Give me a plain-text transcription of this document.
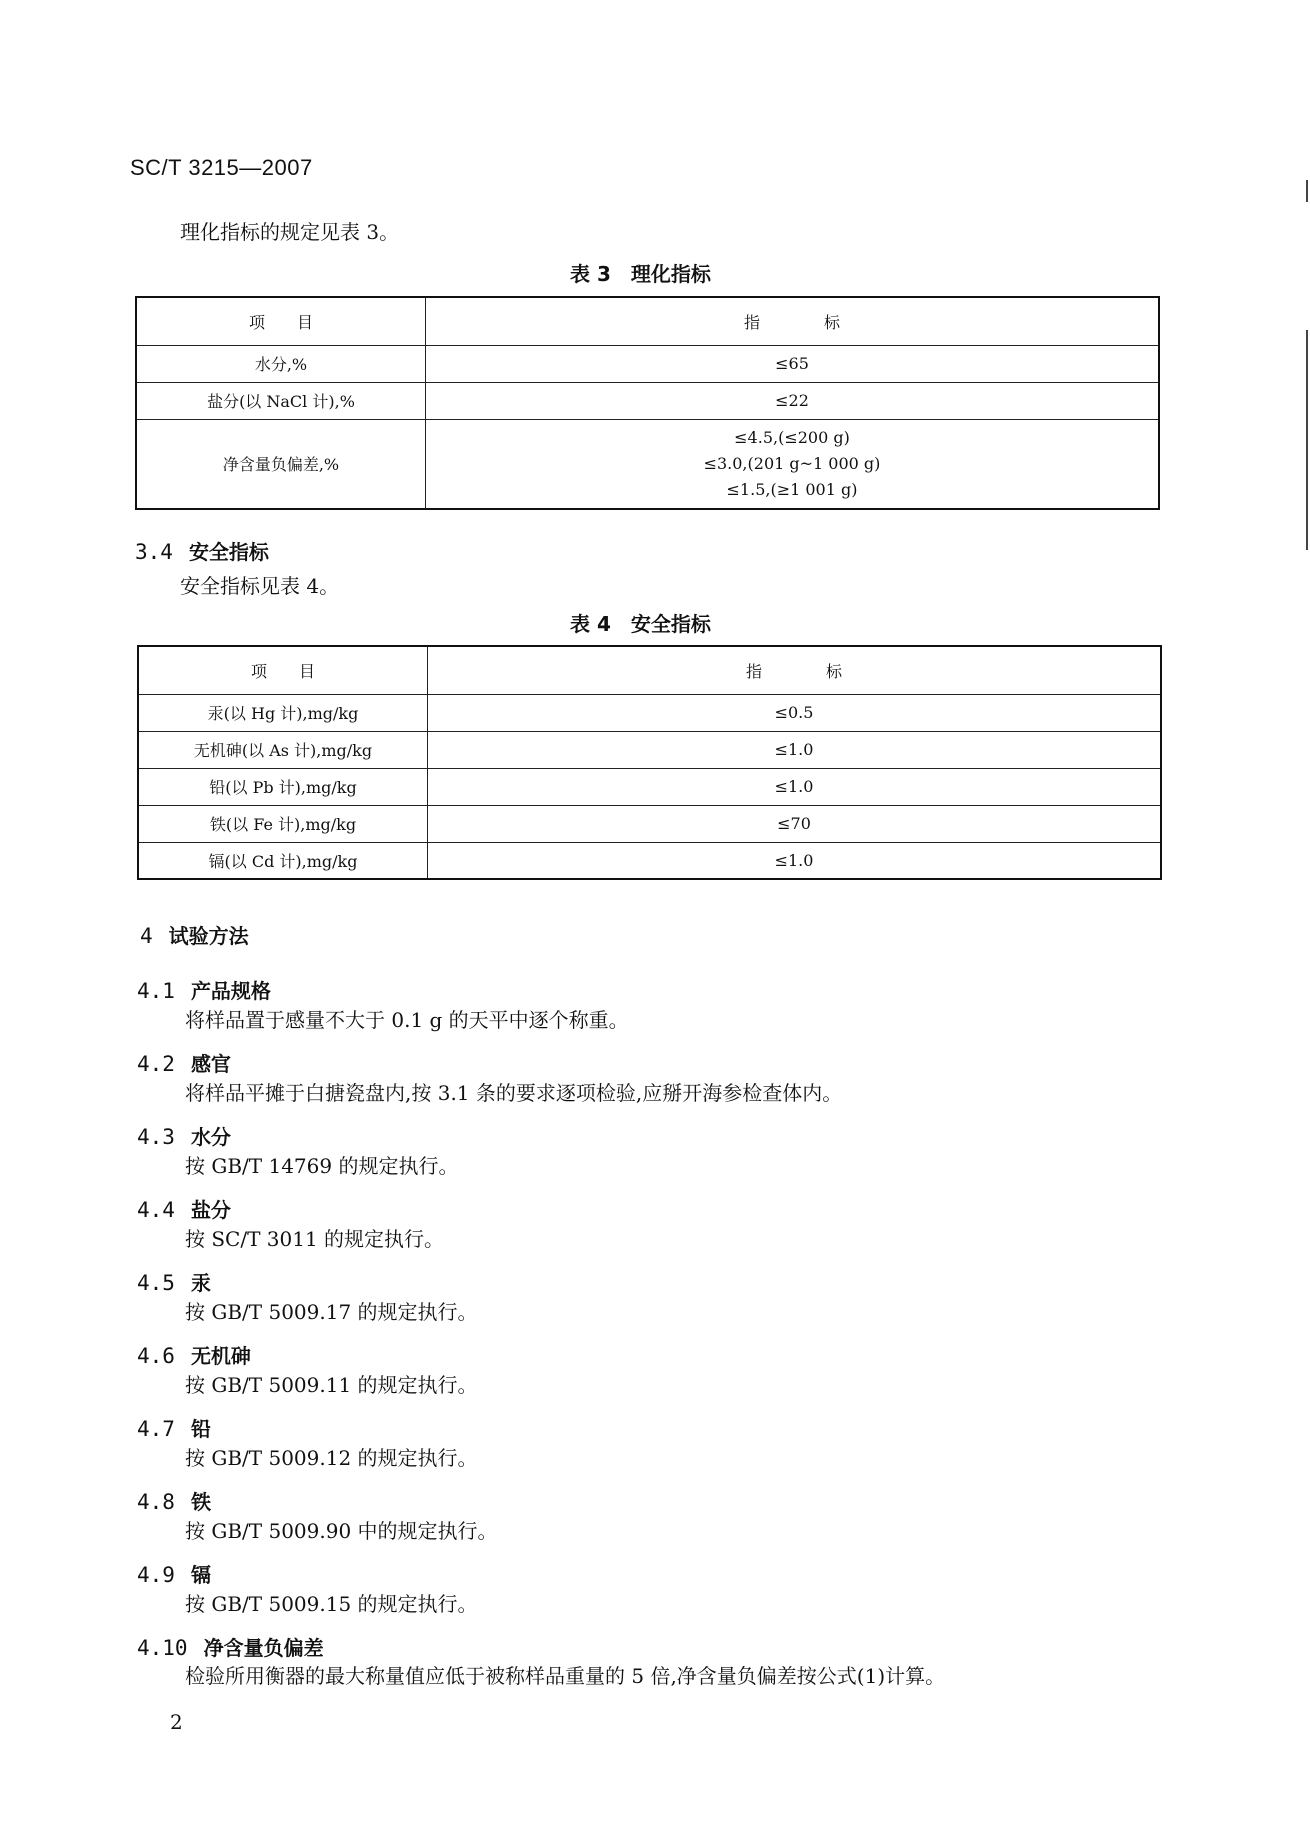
SC/T 3215—2007
理化指标的规定见表 3。
表 3　理化指标
项　　目	指　　　　标
水分,%	≤65
盐分(以 NaCl 计),%	≤22
净含量负偏差,%	≤4.5,(≤200 g)
≤3.0,(201 g~1 000 g)
≤1.5,(≥1 001 g)
3.4 安全指标
安全指标见表 4。
表 4　安全指标
项　　目	指　　　　标
汞(以 Hg 计),mg/kg	≤0.5
无机砷(以 As 计),mg/kg	≤1.0
铅(以 Pb 计),mg/kg	≤1.0
铁(以 Fe 计),mg/kg	≤70
镉(以 Cd 计),mg/kg	≤1.0
4 试验方法
4.1 产品规格
将样品置于感量不大于 0.1 g 的天平中逐个称重。
4.2 感官
将样品平摊于白搪瓷盘内,按 3.1 条的要求逐项检验,应掰开海参检查体内。
4.3 水分
按 GB/T 14769 的规定执行。
4.4 盐分
按 SC/T 3011 的规定执行。
4.5 汞
按 GB/T 5009.17 的规定执行。
4.6 无机砷
按 GB/T 5009.11 的规定执行。
4.7 铅
按 GB/T 5009.12 的规定执行。
4.8 铁
按 GB/T 5009.90 中的规定执行。
4.9 镉
按 GB/T 5009.15 的规定执行。
4.10 净含量负偏差
检验所用衡器的最大称量值应低于被称样品重量的 5 倍,净含量负偏差按公式(1)计算。
2
